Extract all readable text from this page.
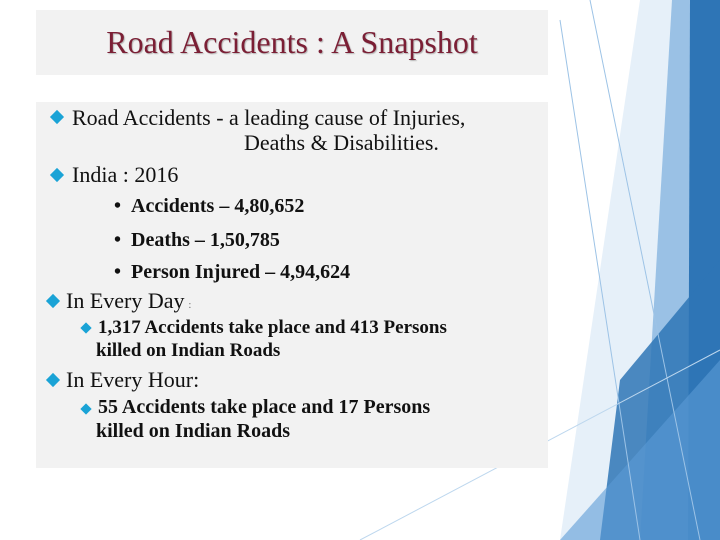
Road Accidents : A Snapshot
Road Accidents - a leading cause of Injuries,
Deaths & Disabilities.
India : 2016
• Accidents – 4,80,652
• Deaths – 1,50,785
• Person Injured – 4,94,624
In Every Day :
1,317 Accidents take place and 413 Persons
killed on Indian Roads
In Every Hour:
55 Accidents take place and 17 Persons
killed on Indian Roads
